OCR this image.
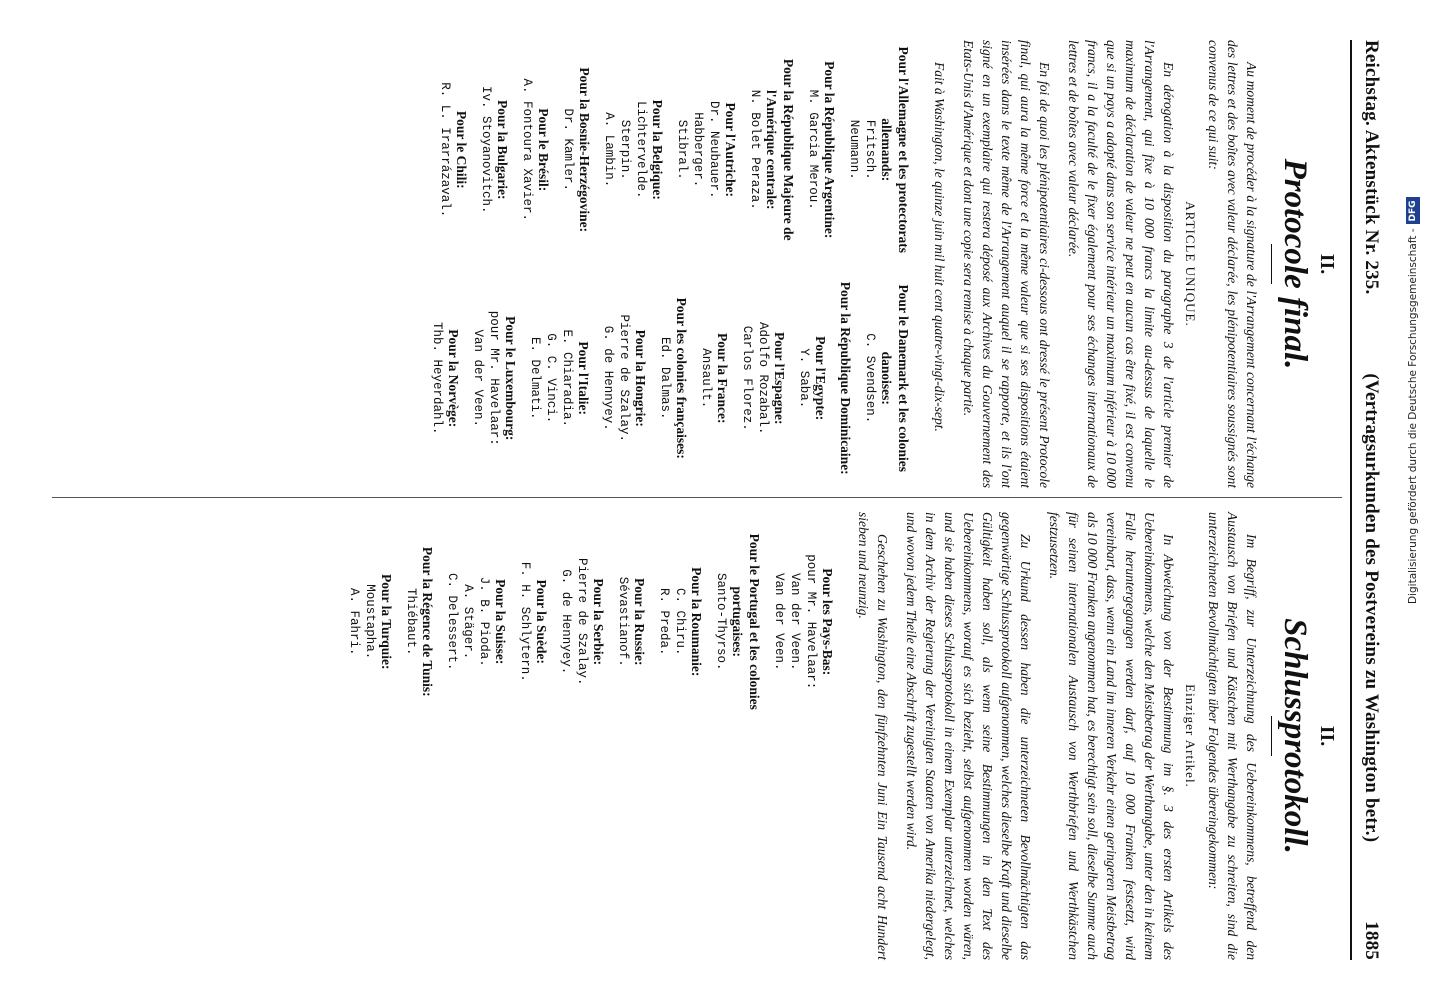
Reichstag. Aktenstück Nr. 235.
(Vertragsurkunden des Postvereins zu Washington betr.)
1885
II.
Protocole final.

Au moment de procéder à la signature de l'Arrangement concernant l'échange des lettres et des boîtes avec valeur déclarée, les plénipotentiaires soussignés sont convenus de ce qui suit:

ARTICLE UNIQUE.

En dérogation à la disposition du paragraphe 3 de l'article premier de l'Arrangement, qui fixe à 10 000 francs la limite au-dessus de laquelle le maximum de déclaration de valeur ne peut en aucun cas être fixé, il est convenu que si un pays a adopté dans son service intérieur un maximum inférieur à 10 000 francs, il a la faculté de le fixer également pour ses échanges internationaux de lettres et de boîtes avec valeur déclarée.

En foi de quoi les plénipotentiaires ci-dessous ont dressé le présent Protocole final, qui aura la même force et la même valeur que si ses dispositions étaient insérées dans le texte même de l'Arrangement auquel il se rapporte, et ils l'ont signé en un exemplaire qui restera déposé aux Archives du Gouvernement des Etats-Unis d'Amérique et dont une copie sera remise à chaque partie.

Fait à Washington, le quinze juin mil huit cent quatre-vingt-dix-sept.

Pour l'Allemagne et les protectorats allemands:
Fritsch.
Neumann.
Pour la République Argentine:
M. Garcia Merou.
Pour la République Majeure de l'Amérique centrale:
N. Bolet Peraza.
Pour l'Autriche:
Dr. Neubauer.
Habberger.
Stibral.
Pour la Belgique:
Lichtervelde.
Sterpin.
A. Lambin.
Pour la Bosnie-Herzégovine:
Dr. Kamler.
Pour le Brésil:
A. Fontoura Xavier.
Pour la Bulgarie:
Iv. Stoyanovitch.
Pour le Chili:
R. L. Irarrázaval.
Pour le Danemark et les colonies danoises:
C. Svendsen.
Pour la République Dominicaine:
Pour l'Egypte:
Y. Saba.
Pour l'Espagne:
Adolfo Rozabal.
Carlos Florez.
Pour la France:
Ansault.
Pour les colonies françaises:
Ed. Dalmas.
Pour la Hongrie:
Pierre de Szalay.
G. de Hennyey.
Pour l'Italie:
E. Chiaradia.
G. C. Vinci.
E. Delmati.
Pour le Luxembourg:
pour Mr. Havelaar:
Van der Veen.
Pour la Norvège:
Thb. Heyerdahl.
II.
Schlussprotokoll.

Im Begriff, zur Unterzeichnung des Uebereinkommens, betreffend den Austausch von Briefen und Kästchen mit Werthangabe zu schreiten, sind die unterzeichneten Bevollmächtigten über Folgendes übereingekommen:

Einziger Artikel.

In Abweichung von der Bestimmung im §. 3 des ersten Artikels des Uebereinkommens, welche den Meistbetrag der Werthangabe, unter den in keinem Falle heruntergegangen werden darf, auf 10 000 Franken festsetzt, wird vereinbart, dass, wenn ein Land im inneren Verkehr einen geringeren Meistbetrag als 10 000 Franken angenommen hat, es berechtigt sein soll, dieselbe Summe auch für seinen internationalen Austausch von Werthbriefen und Werthkästchen festzusetzen.

Zu Urkund dessen haben die unterzeichneten Bevollmächtigten das gegenwärtige Schlussprotokoll aufgenommen, welches dieselbe Kraft und dieselbe Gültigkeit haben soll, als wenn seine Bestimmungen in den Text des Uebereinkommens, worauf es sich bezieht, selbst aufgenommen worden wären, und sie haben dieses Schlussprotokoll in einem Exemplar unterzeichnet, welches in dem Archiv der Regierung der Vereinigten Staaten von Amerika niedergelegt, und wovon jedem Theile eine Abschrift zugestellt werden wird.

Geschehen zu Washington, den fünfzehnten Juni Ein Tausend acht Hundert sieben und neunzig.

Pour les Pays-Bas:
pour Mr. Havelaar:
Van der Veen.
Van der Veen.
Pour le Portugal et les colonies portugaises:
Santo-Thyrso.
Pour la Roumanie:
C. Chiru.
R. Preda.
Pour la Russie:
Sévastianof.
Pour la Serbie:
Pierre de Szalay.
G. de Hennyey.
Pour la Suède:
F. H. Schlytern.
Pour la Suisse:
J. B. Pioda.
A. Stäger.
C. Delessert.
Pour la Régence de Tunis:
Thiébaut.
Pour la Turquie:
Moustapha.
A. Fahri.
Digitalisierung gefördert durch die Deutsche Forschungsgemeinschaft -
DFG
